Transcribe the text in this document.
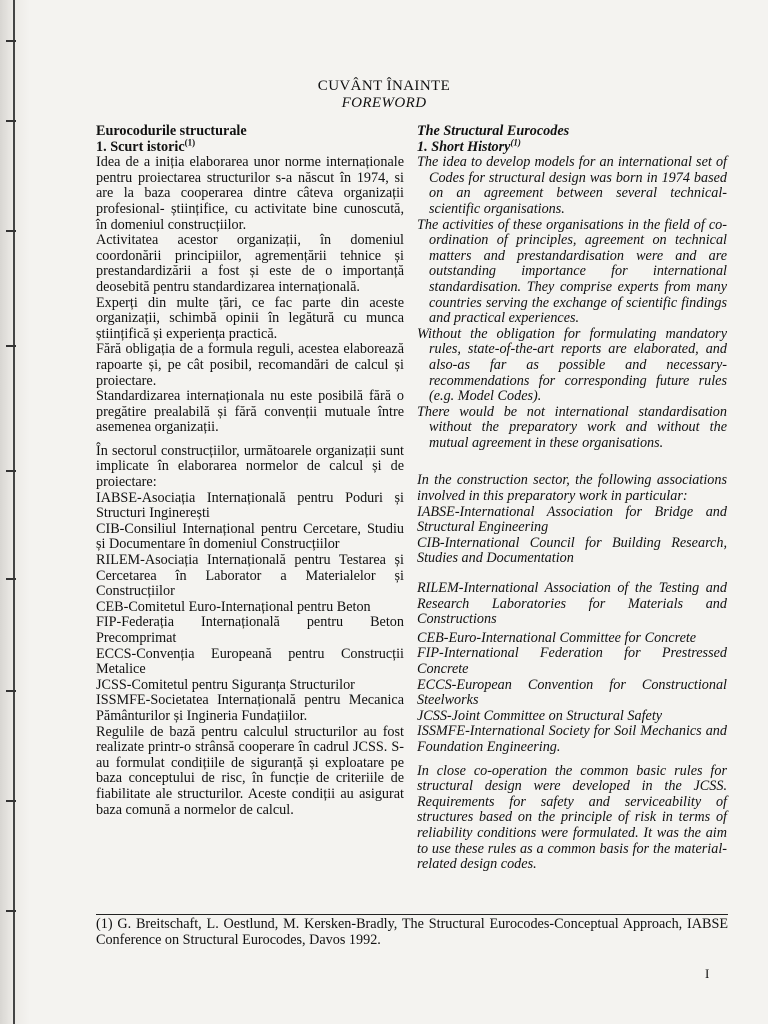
CUVÂNT ÎNAINTE
FOREWORD
Eurocodurile structurale
1. Scurt istoric$^{(1)}$

Idea de a iniția elaborarea unor norme internaționale pentru proiectarea structurilor s-a născut în 1974, si are la baza cooperarea dintre câteva organizații profesional- științifice, cu activitate bine cunoscută, în domeniul construcțiilor.

Activitatea acestor organizații, în domeniul coordonării principiilor, agremențării tehnice și prestandardizării a fost și este de o importanță deosebită pentru standardizarea internațională.

Experți din multe țări, ce fac parte din aceste organizații, schimbă opinii în legătură cu munca științifică și experiența practică.

Fără obligația de a formula reguli, acestea elaborează rapoarte și, pe cât posibil, recomandări de calcul și proiectare.

Standardizarea internaționala nu este posibilă fără o pregătire prealabilă și fără convenții mutuale între asemenea organizații.

În sectorul construcțiilor, următoarele organizații sunt implicate în elaborarea normelor de calcul și de proiectare:

IABSE-Asociația Internațională pentru Poduri și Structuri Inginerești

CIB-Consiliul Internațional pentru Cercetare, Studiu și Documentare în domeniul Construcțiilor

RILEM-Asociația Internațională pentru Testarea și Cercetarea în Laborator a Materialelor și Construcțiilor

CEB-Comitetul Euro-Internațional pentru Beton

FIP-Federația Internațională pentru Beton Precomprimat

ECCS-Convenția Europeană pentru Construcții Metalice

JCSS-Comitetul pentru Siguranța Structurilor

ISSMFE-Societatea Internațională pentru Mecanica Pământurilor și Ingineria Fundațiilor.

Regulile de bază pentru calculul structurilor au fost realizate printr-o strânsă cooperare în cadrul JCSS. S-au formulat condițiile de siguranță și exploatare pe baza conceptului de risc, în funcție de criteriile de fiabilitate ale structurilor. Aceste condiții au asigurat baza comună a normelor de calcul.

The Structural Eurocodes
1. Short History$^{(1)}$

The idea to develop models for an international set of Codes for structural design was born in 1974 based on an agreement between several technical-scientific organisations.

The activities of these organisations in the field of co-ordination of principles, agreement on technical matters and prestandardisation were and are outstanding importance for international standardisation. They comprise experts from many countries serving the exchange of scientific findings and practical experiences.

Without the obligation for formulating mandatory rules, state-of-the-art reports are elaborated, and also-as far as possible and necessary-recommendations for corresponding future rules (e.g. Model Codes).

There would be not international standardisation without the preparatory work and without the mutual agreement in these organisations.

In the construction sector, the following associations involved in this preparatory work in particular:

IABSE-International Association for Bridge and Structural Engineering

CIB-International Council for Building Research, Studies and Documentation

RILEM-International Association of the Testing and Research Laboratories for Materials and Constructions

CEB-Euro-International Committee for Concrete

FIP-International Federation for Prestressed Concrete

ECCS-European Convention for Constructional Steelworks

JCSS-Joint Committee on Structural Safety

ISSMFE-International Society for Soil Mechanics and Foundation Engineering.

In close co-operation the common basic rules for structural design were developed in the JCSS. Requirements for safety and serviceability of structures based on the principle of risk in terms of reliability conditions were formulated. It was the aim to use these rules as a common basis for the material-related design codes.

(1) G. Breitschaft, L. Oestlund, M. Kersken-Bradly, The Structural Eurocodes-Conceptual Approach, IABSE Conference on Structural Eurocodes, Davos 1992.
I
